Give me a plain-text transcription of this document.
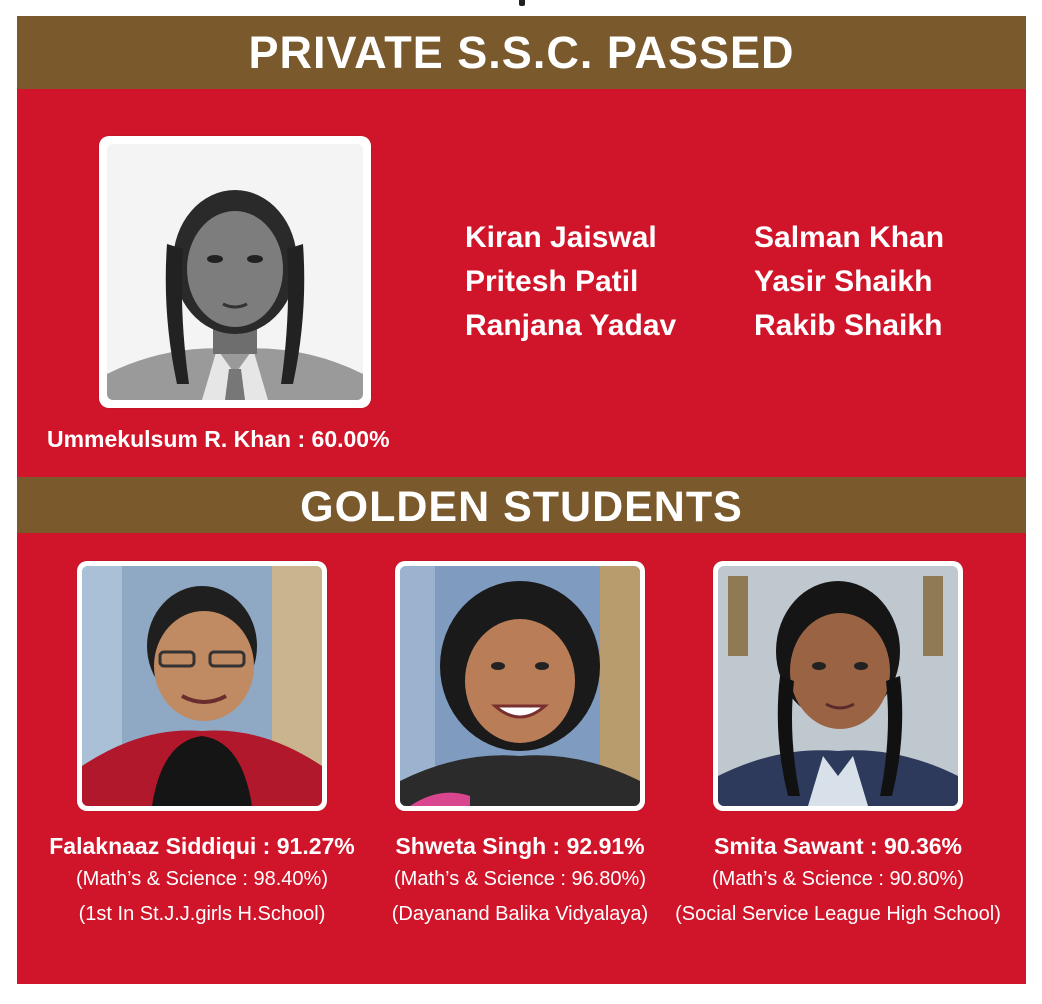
PRIVATE S.S.C. PASSED
Ummekulsum R. Khan : 60.00%
Kiran Jaiswal
Pritesh Patil
Ranjana Yadav
Salman Khan
Yasir Shaikh
Rakib Shaikh
GOLDEN STUDENTS
Falaknaaz Siddiqui : 91.27%
(Math’s & Science : 98.40%)
(1st In St.J.J.girls H.School)
Shweta Singh : 92.91%
(Math’s & Science : 96.80%)
(Dayanand Balika Vidyalaya)
Smita Sawant : 90.36%
(Math’s & Science : 90.80%)
(Social Service League High School)
